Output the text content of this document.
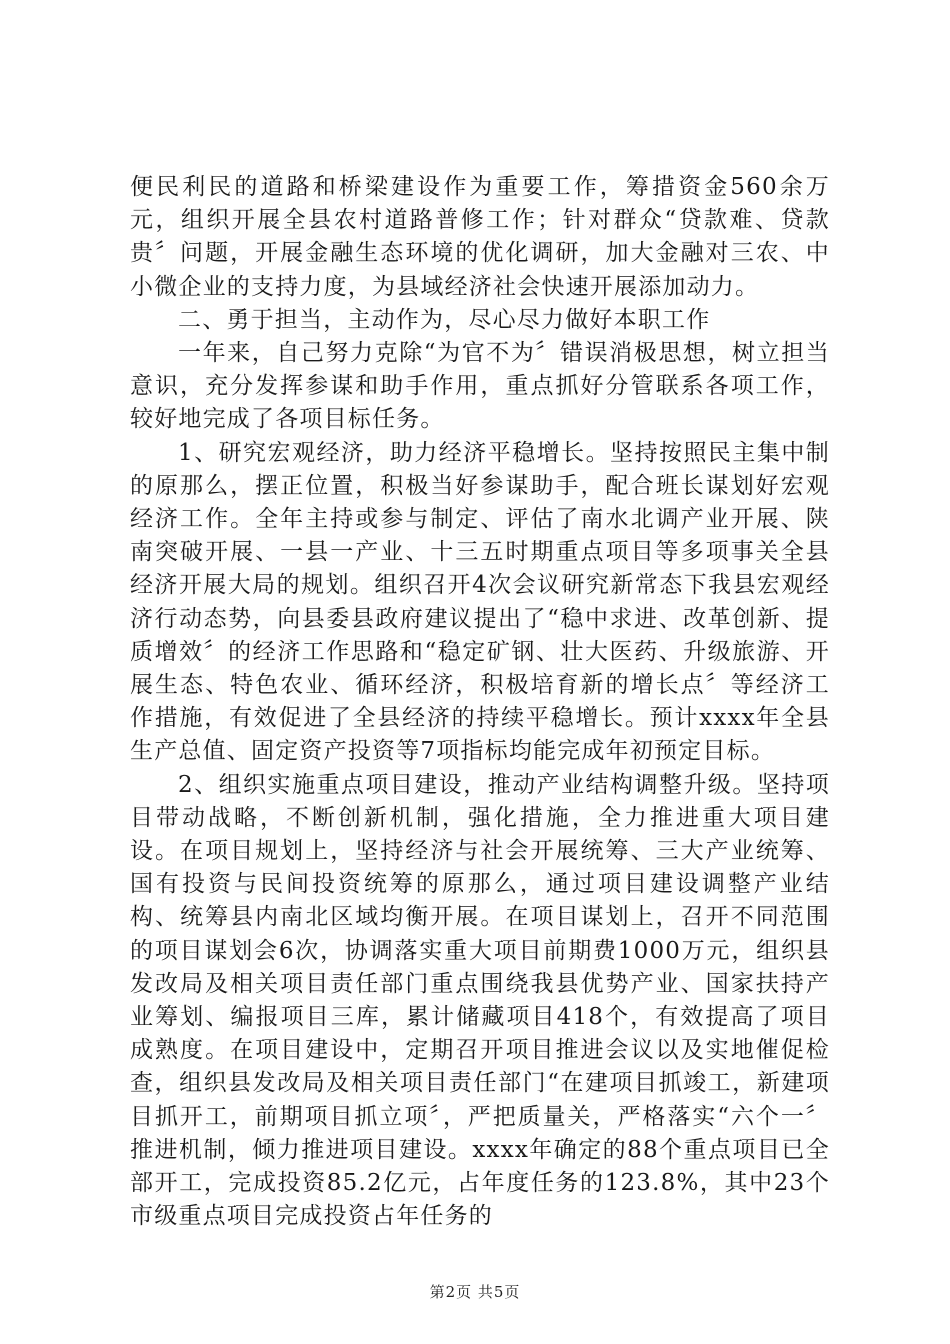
便民利民的道路和桥梁建设作为重要工作，筹措资金560余万元，组织开展全县农村道路普修工作；针对群众“贷款难、贷款贵〞问题，开展金融生态环境的优化调研，加大金融对三农、中小微企业的支持力度，为县域经济社会快速开展添加动力。

二、勇于担当，主动作为，尽心尽力做好本职工作

一年来，自己努力克除“为官不为〞错误消极思想，树立担当意识，充分发挥参谋和助手作用，重点抓好分管联系各项工作，较好地完成了各项目标任务。

1、研究宏观经济，助力经济平稳增长。坚持按照民主集中制的原那么，摆正位置，积极当好参谋助手，配合班长谋划好宏观经济工作。全年主持或参与制定、评估了南水北调产业开展、陕南突破开展、一县一产业、十三五时期重点项目等多项事关全县经济开展大局的规划。组织召开4次会议研究新常态下我县宏观经济行动态势，向县委县政府建议提出了“稳中求进、改革创新、提质增效〞的经济工作思路和“稳定矿钢、壮大医药、升级旅游、开展生态、特色农业、循环经济，积极培育新的增长点〞等经济工作措施，有效促进了全县经济的持续平稳增长。预计xxxx年全县生产总值、固定资产投资等7项指标均能完成年初预定目标。

2、组织实施重点项目建设，推动产业结构调整升级。坚持项目带动战略，不断创新机制，强化措施，全力推进重大项目建设。在项目规划上，坚持经济与社会开展统筹、三大产业统筹、国有投资与民间投资统筹的原那么，通过项目建设调整产业结构、统筹县内南北区域均衡开展。在项目谋划上，召开不同范围的项目谋划会6次，协调落实重大项目前期费1000万元，组织县发改局及相关项目责任部门重点围绕我县优势产业、国家扶持产业筹划、编报项目三库，累计储藏项目418个，有效提高了项目成熟度。在项目建设中，定期召开项目推进会议以及实地催促检查，组织县发改局及相关项目责任部门“在建项目抓竣工，新建项目抓开工，前期项目抓立项〞，严把质量关，严格落实“六个一〞推进机制，倾力推进项目建设。xxxx年确定的88个重点项目已全部开工，完成投资85.2亿元，占年度任务的123.8%，其中23个市级重点项目完成投资占年任务的

第2页 共5页
